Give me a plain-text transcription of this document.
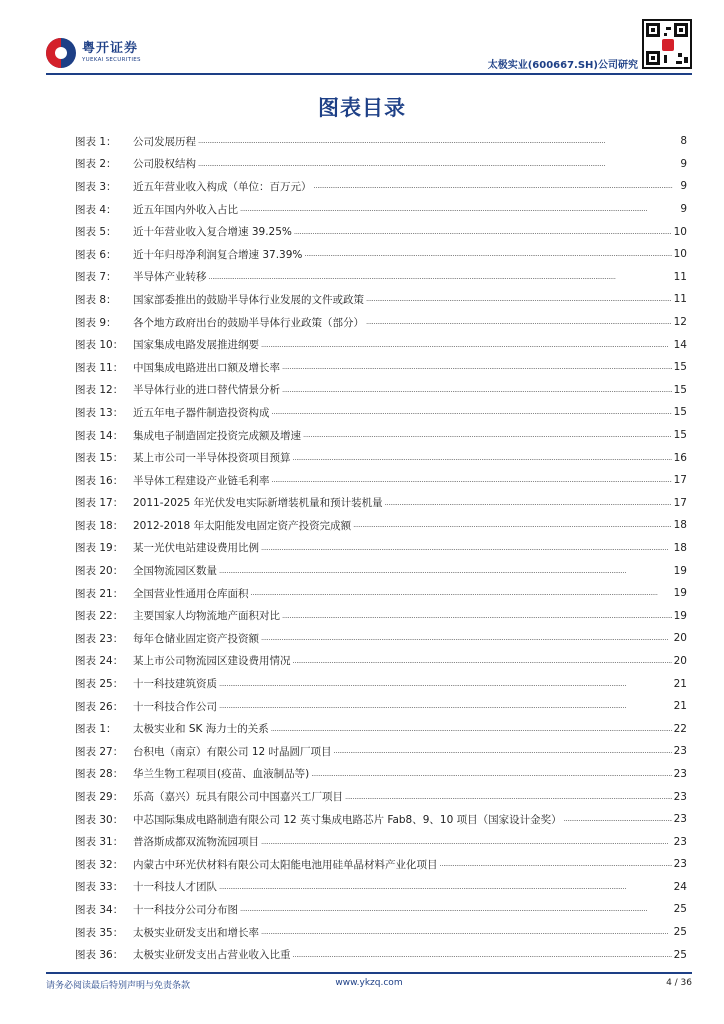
粤开证券
YUEKAI SECURITIES	太极实业(600667.SH)公司研究
图表目录
图表 1：	公司发展历程 . . .	8
图表 2：	公司股权结构 . . .	9
图表 3：	近五年营业收入构成（单位：百万元） . . .	9
图表 4：	近五年国内外收入占比 . . .	9
图表 5：	近十年营业收入复合增速 39.25% . . .	10
图表 6：	近十年归母净利润复合增速 37.39% . . .	10
图表 7：	半导体产业转移 . . .	11
图表 8：	国家部委推出的鼓励半导体行业发展的文件或政策 . . .	11
图表 9：	各个地方政府出台的鼓励半导体行业政策（部分） . . .	12
图表 10： 国家集成电路发展推进纲要 . . .	14
图表 11： 中国集成电路进出口额及增长率 . . .	15
图表 12： 半导体行业的进口替代情景分析 . . .	15
图表 13： 近五年电子器件制造投资构成 . . .	15
图表 14： 集成电子制造固定投资完成额及增速 . . .	15
图表 15： 某上市公司一半导体投资项目预算 . . .	16
图表 16： 半导体工程建设产业链毛利率 . . .	17
图表 17： 2011-2025 年光伏发电实际新增装机量和预计装机量 . . .	17
图表 18： 2012-2018 年太阳能发电固定资产投资完成额 . . .	18
图表 19： 某一光伏电站建设费用比例 . . .	18
图表 20： 全国物流园区数量 . . .	19
图表 21： 全国营业性通用仓库面积 . . .	19
图表 22： 主要国家人均物流地产面积对比 . . .	19
图表 23： 每年仓储业固定资产投资额 . . .	20
图表 24： 某上市公司物流园区建设费用情况 . . .	20
图表 25： 十一科技建筑资质 . . .	21
图表 26： 十一科技合作公司 . . .	21
图表 1：	太极实业和 SK 海力士的关系 . . .	22
图表 27： 台积电（南京）有限公司 12 吋晶圆厂项目 . . .	23
图表 28： 华兰生物工程项目(疫苗、血液制品等) . . .	23
图表 29： 乐高（嘉兴）玩具有限公司中国嘉兴工厂项目 . . .	23
图表 30： 中芯国际集成电路制造有限公司 12 英寸集成电路芯片 Fab8、9、10 项目（国家设计金奖） . . .	23
图表 31： 普洛斯成都双流物流园项目 . . .	23
图表 32： 内蒙古中环光伏材料有限公司太阳能电池用硅单晶材料产业化项目 . . .	23
图表 33： 十一科技人才团队 . . .	24
图表 34： 十一科技分公司分布图 . . .	25
图表 35： 太极实业研发支出和增长率 . . .	25
图表 36： 太极实业研发支出占营业收入比重 . . .	25
请务必阅读最后特别声明与免责条款	www.ykzq.com	4 / 36
